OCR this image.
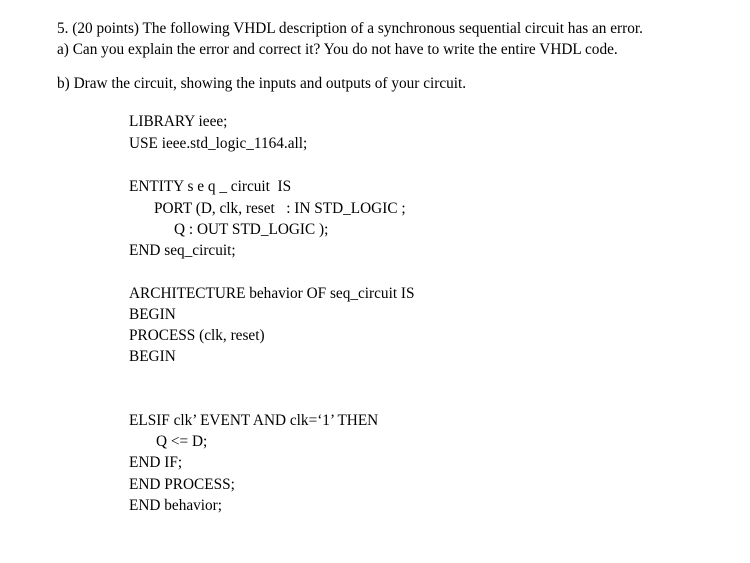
5. (20 points) The following VHDL description of a synchronous sequential circuit has an error.
a) Can you explain the error and correct it? You do not have to write the entire VHDL code.
b) Draw the circuit, showing the inputs and outputs of your circuit.
LIBRARY ieee;
USE ieee.std_logic_1164.all;
ENTITY s e q _ circuit  IS
PORT (D, clk, reset   : IN STD_LOGIC ;
Q : OUT STD_LOGIC );
END seq_circuit;
ARCHITECTURE behavior OF seq_circuit IS
BEGIN
PROCESS (clk, reset)
BEGIN
ELSIF clk’ EVENT AND clk=‘1’ THEN
Q <= D;
END IF;
END PROCESS;
END behavior;
